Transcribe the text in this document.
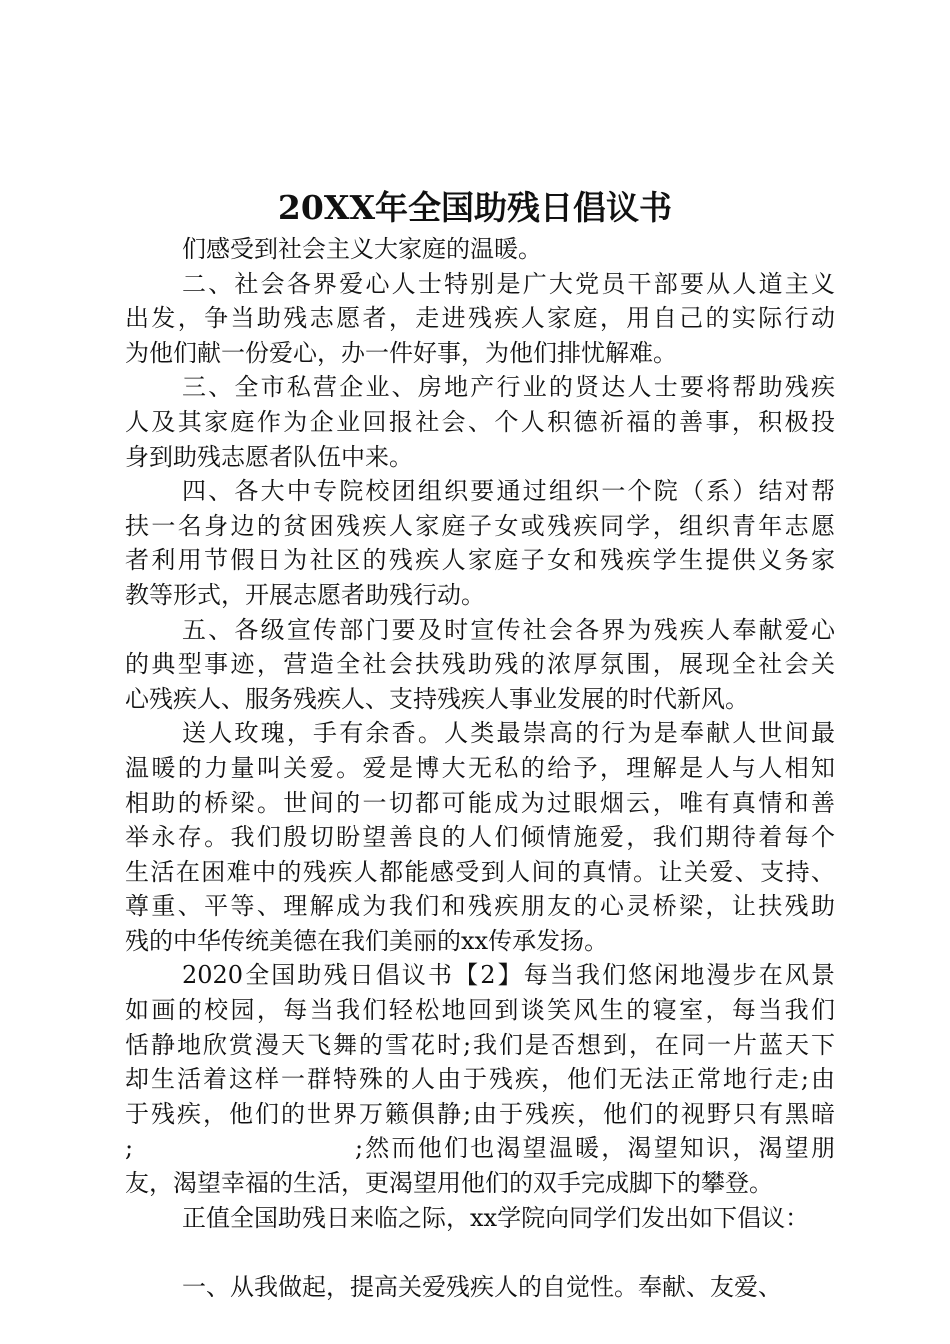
20XX年全国助残日倡议书
们感受到社会主义大家庭的温暖。
二、社会各界爱心人士特别是广大党员干部要从人道主义
出发，争当助残志愿者，走进残疾人家庭，用自己的实际行动
为他们献一份爱心，办一件好事，为他们排忧解难。
三、全市私营企业、房地产行业的贤达人士要将帮助残疾
人及其家庭作为企业回报社会、个人积德祈福的善事，积极投
身到助残志愿者队伍中来。
四、各大中专院校团组织要通过组织一个院（系）结对帮
扶一名身边的贫困残疾人家庭子女或残疾同学，组织青年志愿
者利用节假日为社区的残疾人家庭子女和残疾学生提供义务家
教等形式，开展志愿者助残行动。
五、各级宣传部门要及时宣传社会各界为残疾人奉献爱心
的典型事迹，营造全社会扶残助残的浓厚氛围，展现全社会关
心残疾人、服务残疾人、支持残疾人事业发展的时代新风。
送人玫瑰，手有余香。人类最崇高的行为是奉献人世间最
温暖的力量叫关爱。爱是博大无私的给予，理解是人与人相知
相助的桥梁。世间的一切都可能成为过眼烟云，唯有真情和善
举永存。我们殷切盼望善良的人们倾情施爱，我们期待着每个
生活在困难中的残疾人都能感受到人间的真情。让关爱、支持、
尊重、平等、理解成为我们和残疾朋友的心灵桥梁，让扶残助
残的中华传统美德在我们美丽的xx传承发扬。
2020全国助残日倡议书【2】每当我们悠闲地漫步在风景
如画的校园，每当我们轻松地回到谈笑风生的寝室，每当我们
恬静地欣赏漫天飞舞的雪花时;我们是否想到，在同一片蓝天下
却生活着这样一群特殊的人由于残疾，他们无法正常地行走;由
于残疾，他们的世界万籁俱静;由于残疾，他们的视野只有黑暗
;	;然而他们也渴望温暖，渴望知识，渴望朋
友，渴望幸福的生活，更渴望用他们的双手完成脚下的攀登。
正值全国助残日来临之际，xx学院向同学们发出如下倡议：
一、从我做起，提高关爱残疾人的自觉性。奉献、友爱、
